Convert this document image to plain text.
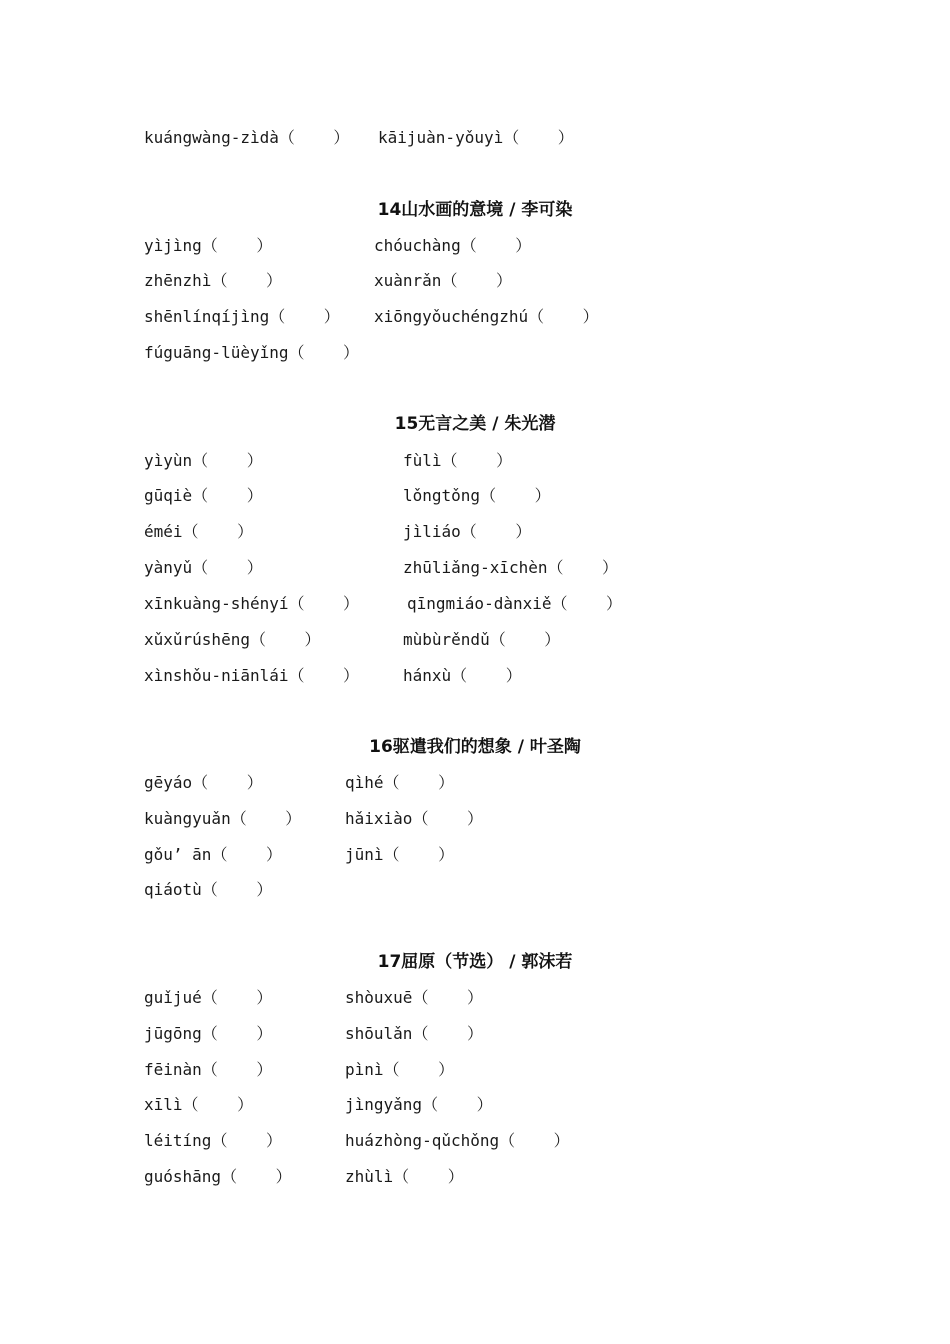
kuángwàng-zìdà（ ） kāijuàn-yǒuyì（ ）
14山水画的意境 / 李可染
yìjìng（ ）	chóuchàng（ ）
zhēnzhì（ ）	xuànrǎn（ ）
shēnlínqíjìng（ ） xiōngyǒuchéngzhú（ ）
fúguāng-lüèyǐng（ ）
15无言之美 / 朱光潜
yìyùn（ ）	fùlì（ ）
gūqiè（ ）	lǒngtǒng（ ）
éméi（ ）	jìliáo（ ）
yànyǔ（ ）	zhūliǎng-xīchèn（ ）
xīnkuàng-shényí（ ）	qīngmiáo-dànxiě（ ）
xǔxǔrúshēng（ ）	mùbùrěndǔ（ ）
xìnshǒu-niānlái（ ）	hánxù（ ）
16驱遣我们的想象 / 叶圣陶
gēyáo（ ）	qìhé（ ）
kuàngyuǎn（ ）	hǎixiào（ ）
gǒu’ ān（ ）	jūnì（ ）
qiáotù（ ）
17屈原（节选） / 郭沫若
guǐjué（ ）	shòuxuē（ ）
jūgōng（ ）	shōulǎn（ ）
fēinàn（ ）	pìnì（ ）
xīlì（ ）	jìngyǎng（ ）
léitíng（ ）	huázhòng-qǔchǒng（ ）
guóshāng（ ）	zhùlì（ ）
